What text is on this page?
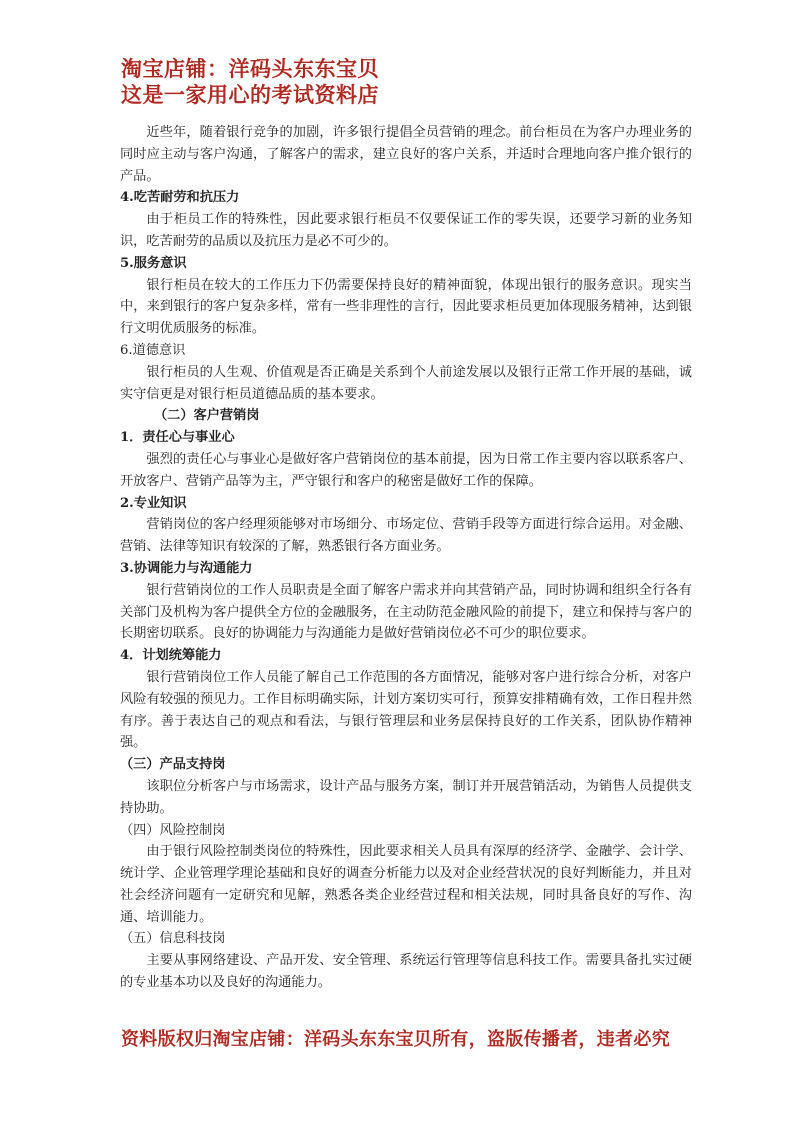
淘宝店铺：洋码头东东宝贝
这是一家用心的考试资料店

近些年，随着银行竞争的加剧，许多银行提倡全员营销的理念。前台柜员在为客户办理业务的同时应主动与客户沟通，了解客户的需求，建立良好的客户关系，并适时合理地向客户推介银行的产品。

4.吃苦耐劳和抗压力

由于柜员工作的特殊性，因此要求银行柜员不仅要保证工作的零失误，还要学习新的业务知识，吃苦耐劳的品质以及抗压力是必不可少的。

5.服务意识

银行柜员在较大的工作压力下仍需要保持良好的精神面貌，体现出银行的服务意识。现实当中，来到银行的客户复杂多样，常有一些非理性的言行，因此要求柜员更加体现服务精神，达到银行文明优质服务的标准。

6.道德意识

银行柜员的人生观、价值观是否正确是关系到个人前途发展以及银行正常工作开展的基础，诚实守信更是对银行柜员道德品质的基本要求。

（二）客户营销岗

1．责任心与事业心

强烈的责任心与事业心是做好客户营销岗位的基本前提，因为日常工作主要内容以联系客户、开放客户、营销产品等为主，严守银行和客户的秘密是做好工作的保障。

2.专业知识

营销岗位的客户经理须能够对市场细分、市场定位、营销手段等方面进行综合运用。对金融、营销、法律等知识有较深的了解，熟悉银行各方面业务。

3.协调能力与沟通能力

银行营销岗位的工作人员职责是全面了解客户需求并向其营销产品，同时协调和组织全行各有关部门及机构为客户提供全方位的金融服务，在主动防范金融风险的前提下，建立和保持与客户的长期密切联系。良好的协调能力与沟通能力是做好营销岗位必不可少的职位要求。

4．计划统筹能力

银行营销岗位工作人员能了解自己工作范围的各方面情况，能够对客户进行综合分析，对客户风险有较强的预见力。工作目标明确实际，计划方案切实可行，预算安排精确有效，工作日程井然有序。善于表达自己的观点和看法，与银行管理层和业务层保持良好的工作关系，团队协作精神强。

（三）产品支持岗

该职位分析客户与市场需求，设计产品与服务方案，制订并开展营销活动，为销售人员提供支持协助。

（四）风险控制岗

由于银行风险控制类岗位的特殊性，因此要求相关人员具有深厚的经济学、金融学、会计学、统计学、企业管理学理论基础和良好的调查分析能力以及对企业经营状况的良好判断能力，并且对社会经济问题有一定研究和见解，熟悉各类企业经营过程和相关法规，同时具备良好的写作、沟通、培训能力。

（五）信息科技岗

主要从事网络建设、产品开发、安全管理、系统运行管理等信息科技工作。需要具备扎实过硬的专业基本功以及良好的沟通能力。

资料版权归淘宝店铺：洋码头东东宝贝所有，盗版传播者，违者必究
